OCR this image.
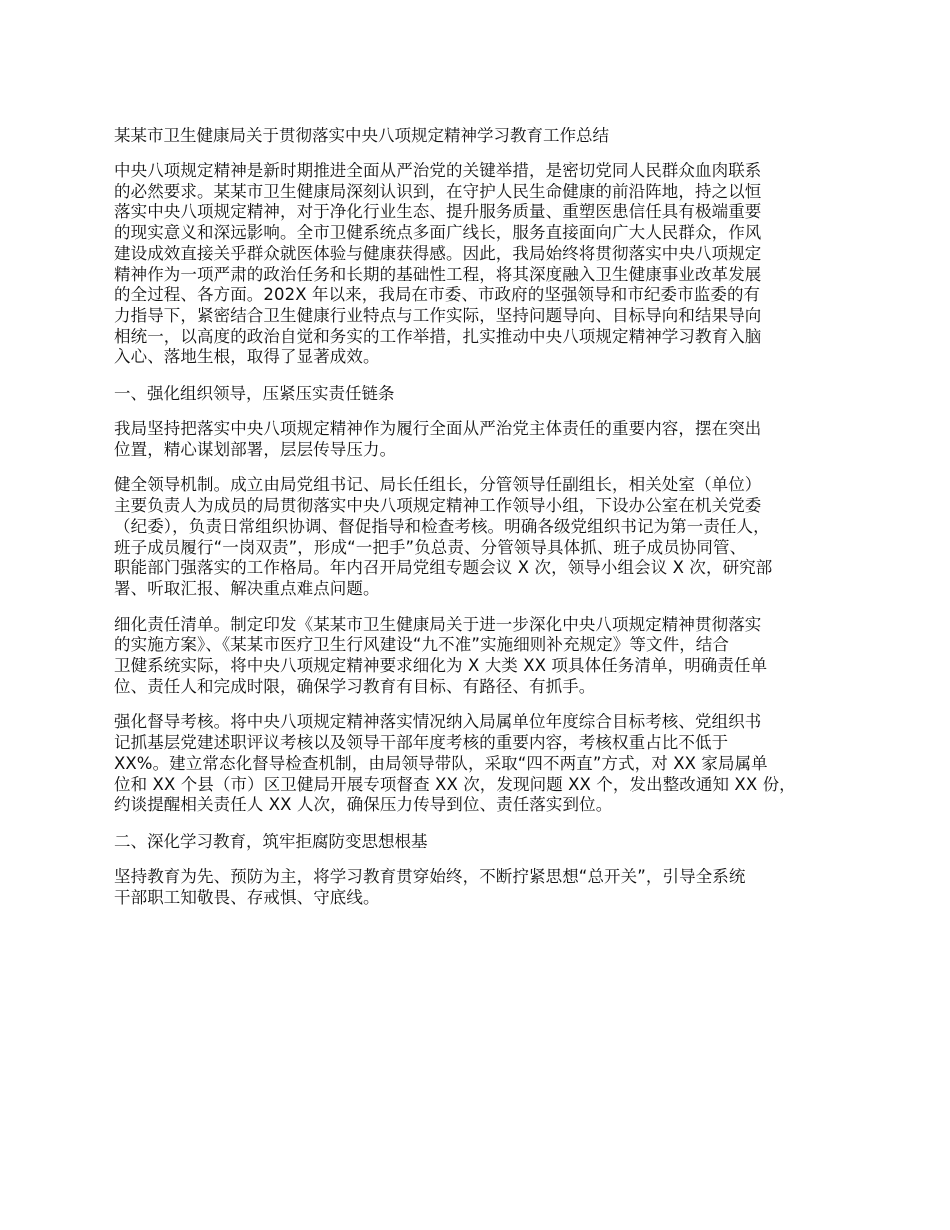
某某市卫生健康局关于贯彻落实中央八项规定精神学习教育工作总结
中央八项规定精神是新时期推进全面从严治党的关键举措，是密切党同人民群众血肉联系
的必然要求。某某市卫生健康局深刻认识到，在守护人民生命健康的前沿阵地，持之以恒
落实中央八项规定精神，对于净化行业生态、提升服务质量、重塑医患信任具有极端重要
的现实意义和深远影响。全市卫健系统点多面广线长，服务直接面向广大人民群众，作风
建设成效直接关乎群众就医体验与健康获得感。因此，我局始终将贯彻落实中央八项规定
精神作为一项严肃的政治任务和长期的基础性工程，将其深度融入卫生健康事业改革发展
的全过程、各方面。202X 年以来，我局在市委、市政府的坚强领导和市纪委市监委的有
力指导下，紧密结合卫生健康行业特点与工作实际，坚持问题导向、目标导向和结果导向
相统一，以高度的政治自觉和务实的工作举措，扎实推动中央八项规定精神学习教育入脑
入心、落地生根，取得了显著成效。
一、强化组织领导，压紧压实责任链条
我局坚持把落实中央八项规定精神作为履行全面从严治党主体责任的重要内容，摆在突出
位置，精心谋划部署，层层传导压力。
健全领导机制。成立由局党组书记、局长任组长，分管领导任副组长，相关处室（单位）
主要负责人为成员的局贯彻落实中央八项规定精神工作领导小组，下设办公室在机关党委
（纪委），负责日常组织协调、督促指导和检查考核。明确各级党组织书记为第一责任人，
班子成员履行“一岗双责”，形成“一把手”负总责、分管领导具体抓、班子成员协同管、
职能部门强落实的工作格局。年内召开局党组专题会议 X 次，领导小组会议 X 次，研究部
署、听取汇报、解决重点难点问题。
细化责任清单。制定印发《某某市卫生健康局关于进一步深化中央八项规定精神贯彻落实
的实施方案》、《某某市医疗卫生行风建设“九不准”实施细则补充规定》等文件，结合
卫健系统实际，将中央八项规定精神要求细化为 X 大类 XX 项具体任务清单，明确责任单
位、责任人和完成时限，确保学习教育有目标、有路径、有抓手。
强化督导考核。将中央八项规定精神落实情况纳入局属单位年度综合目标考核、党组织书
记抓基层党建述职评议考核以及领导干部年度考核的重要内容，考核权重占比不低于
XX%。建立常态化督导检查机制，由局领导带队，采取“四不两直”方式，对 XX 家局属单
位和 XX 个县（市）区卫健局开展专项督查 XX 次，发现问题 XX 个，发出整改通知 XX 份，
约谈提醒相关责任人 XX 人次，确保压力传导到位、责任落实到位。
二、深化学习教育，筑牢拒腐防变思想根基
坚持教育为先、预防为主，将学习教育贯穿始终，不断拧紧思想“总开关”，引导全系统
干部职工知敬畏、存戒惧、守底线。
